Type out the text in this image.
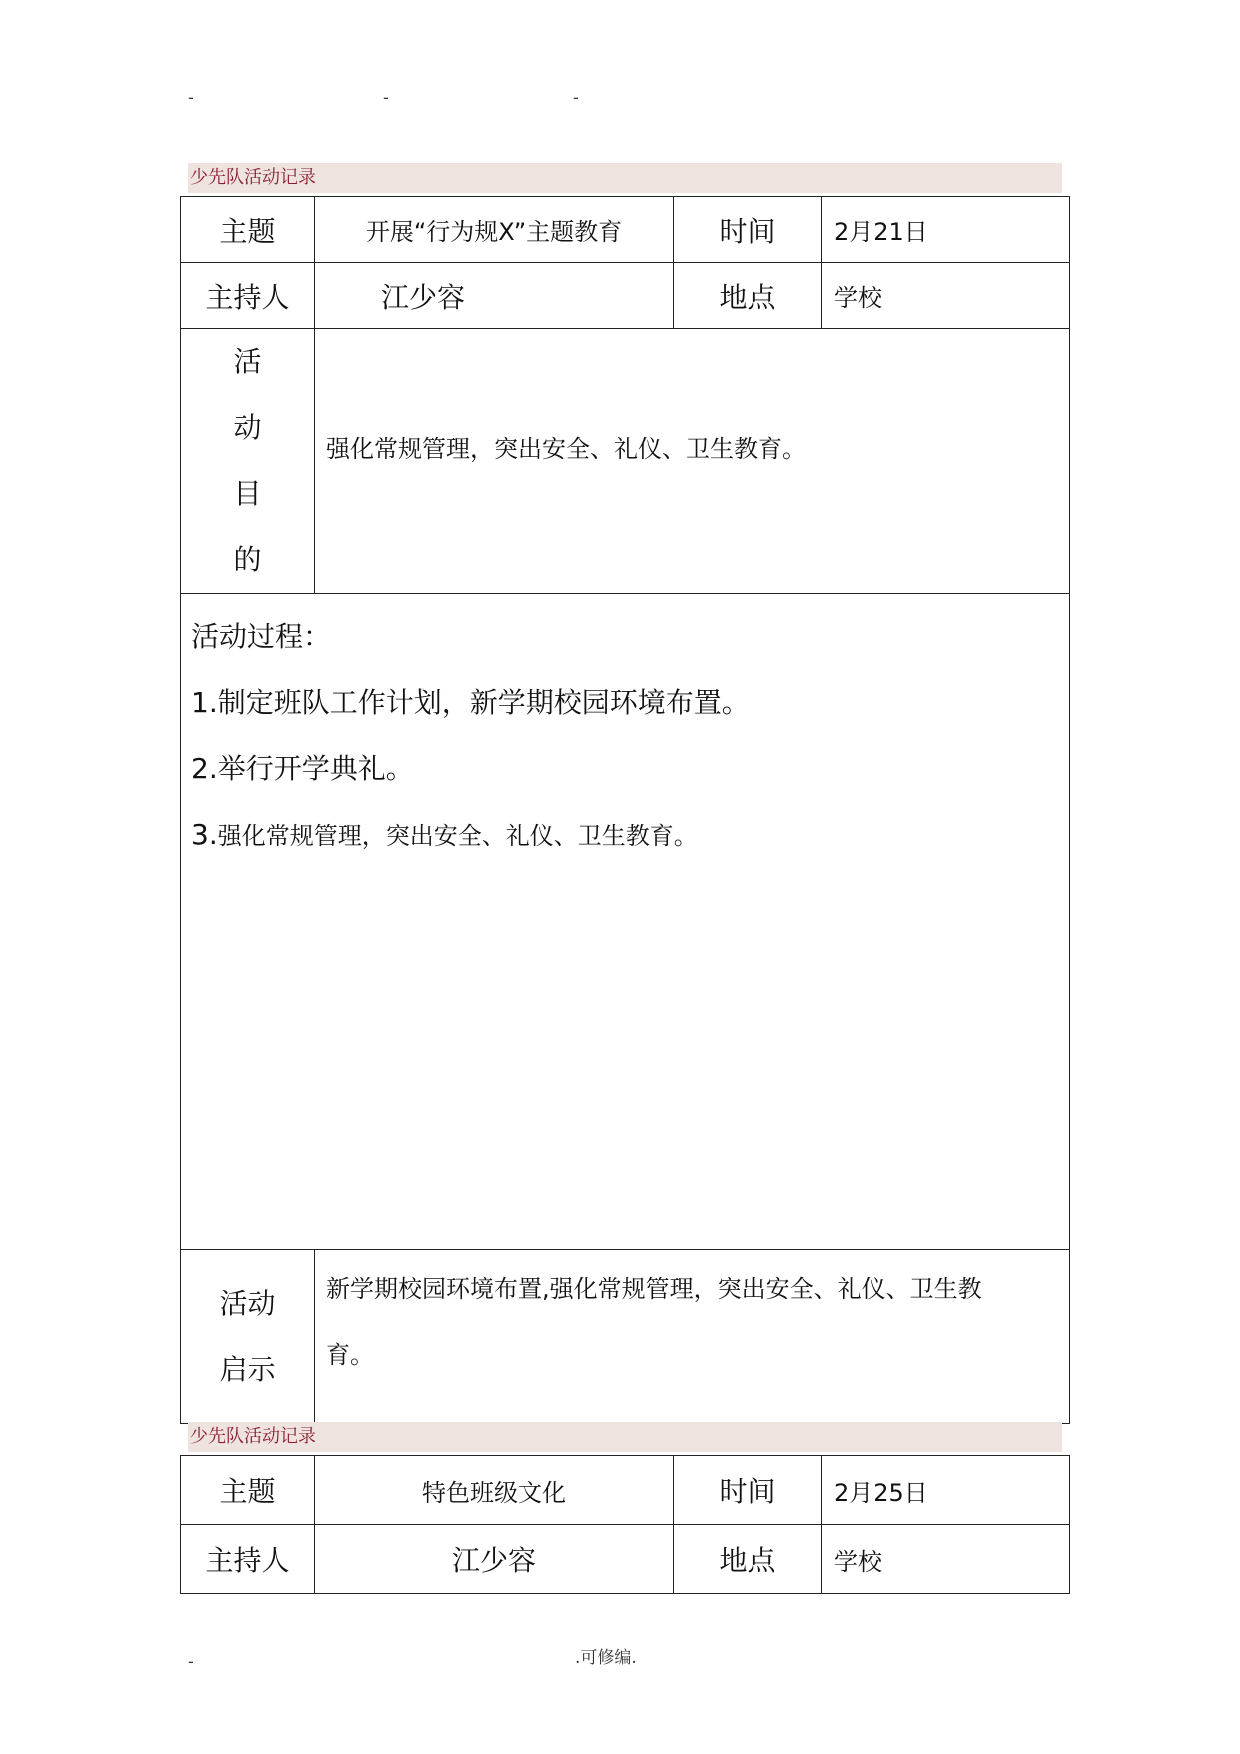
-	-	-
少先队活动记录
主题	开展“行为规X”主题教育	时间	2月21日
主持人	江少容	地点	学校

活
动
目
的	强化常规管理，突出安全、礼仪、卫生教育。		

活动过程：
1.制定班队工作计划，新学期校园环境布置。
2.举行开学典礼。
3.强化常规管理，突出安全、礼仪、卫生教育。			

活动
启示	新学期校园环境布置,强化常规管理，突出安全、礼仪、卫生教育。		
少先队活动记录
主题	特色班级文化	时间	2月25日
主持人	江少容	地点	学校
-	.可修编.
